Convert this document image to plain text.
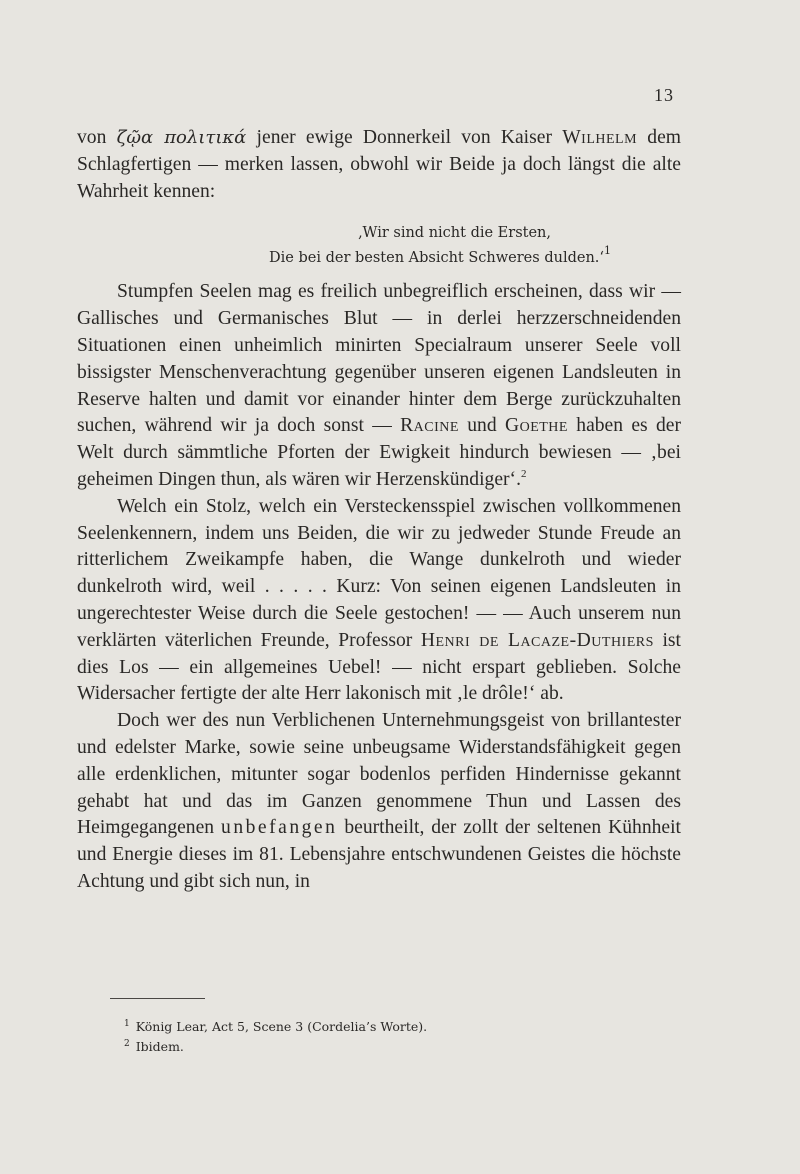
13

von ζῷα πολιτικά jener ewige Donnerkeil von Kaiser Wilhelm dem Schlagfertigen — merken lassen, obwohl wir Beide ja doch längst die alte Wahrheit kennen:

‚Wir sind nicht die Ersten,
Die bei der besten Absicht Schweres dulden.‘$^1$

Stumpfen Seelen mag es freilich unbegreiflich erscheinen, dass wir — Gallisches und Germanisches Blut — in derlei herzzerschneidenden Situationen einen unheimlich minirten Specialraum unserer Seele voll bissigster Menschenverachtung gegenüber unseren eigenen Landsleuten in Reserve halten und damit vor einander hinter dem Berge zurückzuhalten suchen, während wir ja doch sonst — Racine und Goethe haben es der Welt durch sämmtliche Pforten der Ewigkeit hindurch bewiesen — ‚bei geheimen Dingen thun, als wären wir Herzenskündiger‘.$^2$

Welch ein Stolz, welch ein Versteckensspiel zwischen vollkommenen Seelenkennern, indem uns Beiden, die wir zu jedweder Stunde Freude an ritterlichem Zweikampfe haben, die Wange dunkelroth und wieder dunkelroth wird, weil . . . . . Kurz: Von seinen eigenen Landsleuten in ungerechtester Weise durch die Seele gestochen! — — Auch unserem nun verklärten väterlichen Freunde, Professor Henri de Lacaze-Duthiers ist dies Los — ein allgemeines Uebel! — nicht erspart geblieben. Solche Widersacher fertigte der alte Herr lakonisch mit ‚le drôle!‘ ab.

Doch wer des nun Verblichenen Unternehmungsgeist von brillantester und edelster Marke, sowie seine unbeugsame Widerstandsfähigkeit gegen alle erdenklichen, mitunter sogar bodenlos perfiden Hindernisse gekannt gehabt hat und das im Ganzen genommene Thun und Lassen des Heimgegangenen unbefangen beurtheilt, der zollt der seltenen Kühnheit und Energie dieses im 81. Lebensjahre entschwundenen Geistes die höchste Achtung und gibt sich nun, in

$^1$ König Lear, Act 5, Scene 3 (Cordelia’s Worte).
$^2$ Ibidem.
